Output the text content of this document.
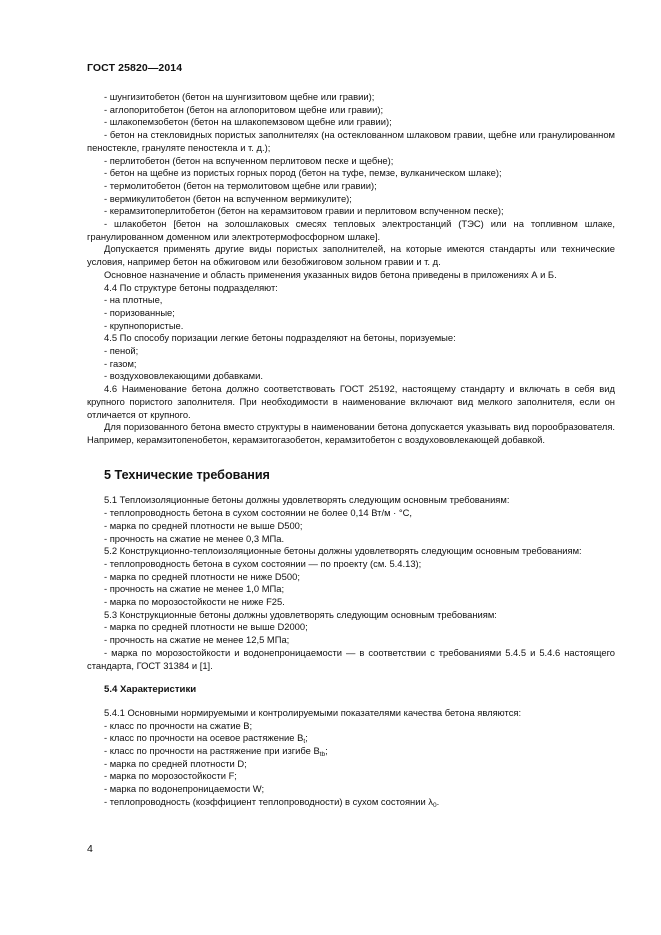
ГОСТ 25820—2014

- шунгизитобетон (бетон на шунгизитовом щебне или гравии);

- аглопоритобетон (бетон на аглопоритовом щебне или гравии);

- шлакопемзобетон (бетон на шлакопемзовом щебне или гравии);

- бетон на стекловидных пористых заполнителях (на остеклованном шлаковом гравии, щебне или гранулированном пеностекле, грануляте пеностекла и т. д.);

- перлитобетон (бетон на вспученном перлитовом песке и щебне);

- бетон на щебне из пористых горных пород (бетон на туфе, пемзе, вулканическом шлаке);

- термолитобетон (бетон на термолитовом щебне или гравии);

- вермикулитобетон (бетон на вспученном вермикулите);

- керамзитоперлитобетон (бетон на керамзитовом гравии и перлитовом вспученном песке);

- шлакобетон [бетон на золошлаковых смесях тепловых электростанций (ТЭС) или на топливном шлаке, гранулированном доменном или электротермофосфорном шлаке].

Допускается применять другие виды пористых заполнителей, на которые имеются стандарты или технические условия, например бетон на обжиговом или безобжиговом зольном гравии и т. д.

Основное назначение и область применения указанных видов бетона приведены в приложениях А и Б.

4.4 По структуре бетоны подразделяют:

- на плотные,

- поризованные;

- крупнопористые.

4.5 По способу поризации легкие бетоны подразделяют на бетоны, поризуемые:

- пеной;

- газом;

- воздухововлекающими добавками.

4.6 Наименование бетона должно соответствовать ГОСТ 25192, настоящему стандарту и включать в себя вид крупного пористого заполнителя. При необходимости в наименование включают вид мелкого заполнителя, если он отличается от крупного.

Для поризованного бетона вместо структуры в наименовании бетона допускается указывать вид порообразователя. Например, керамзитопенобетон, керамзитогазобетон, керамзитобетон с воздухововлекающей добавкой.

5 Технические требования

5.1 Теплоизоляционные бетоны должны удовлетворять следующим основным требованиям:

- теплопроводность бетона в сухом состоянии не более 0,14 Вт/м · °С,

- марка по средней плотности не выше D500;

- прочность на сжатие не менее 0,3 МПа.

5.2 Конструкционно-теплоизоляционные бетоны должны удовлетворять следующим основным требованиям:

- теплопроводность бетона в сухом состоянии — по проекту (см. 5.4.13);

- марка по средней плотности не ниже D500;

- прочность на сжатие не менее 1,0 МПа;

- марка по морозостойкости не ниже F25.

5.3 Конструкционные бетоны должны удовлетворять следующим основным требованиям:

- марка по средней плотности не выше D2000;

- прочность на сжатие не менее 12,5 МПа;

- марка по морозостойкости и водонепроницаемости — в соответствии с требованиями 5.4.5 и 5.4.6 настоящего стандарта, ГОСТ 31384 и [1].

5.4 Характеристики

5.4.1 Основными нормируемыми и контролируемыми показателями качества бетона являются:

- класс по прочности на сжатие B;

- класс по прочности на осевое растяжение $B_t$;

- класс по прочности на растяжение при изгибе $B_{tb}$;

- марка по средней плотности D;

- марка по морозостойкости F;

- марка по водонепроницаемости W;

- теплопроводность (коэффициент теплопроводности) в сухом состоянии $\lambda_0$.

4
